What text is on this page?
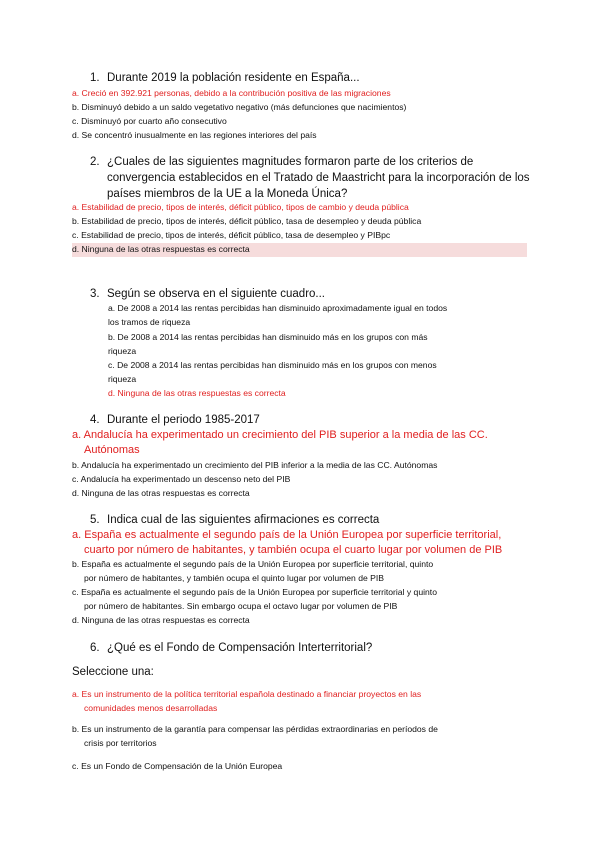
1. Durante 2019 la población residente en España...
a. Creció en 392.921 personas, debido a la contribución positiva de las migraciones
b. Disminuyó debido a un saldo vegetativo negativo (más defunciones que nacimientos)
c. Disminuyó por cuarto año consecutivo
d. Se concentró inusualmente en las regiones interiores del país
2. ¿Cuales de las siguientes magnitudes formaron parte de los criterios de
convergencia establecidos en el Tratado de Maastricht para la incorporación de los
países miembros de la UE a la Moneda Única?
a. Estabilidad de precio, tipos de interés, déficit público, tipos de cambio y deuda pública
b. Estabilidad de precio, tipos de interés, déficit público, tasa de desempleo y deuda pública
c. Estabilidad de precio, tipos de interés, déficit público, tasa de desempleo y PIBpc
d. Ninguna de las otras respuestas es correcta
3. Según se observa en el siguiente cuadro...
a. De 2008 a 2014 las rentas percibidas han disminuido aproximadamente igual en todos
los tramos de riqueza
b. De 2008 a 2014 las rentas percibidas han disminuido más en los grupos con más
riqueza
c. De 2008 a 2014 las rentas percibidas han disminuido más en los grupos con menos
riqueza
d. Ninguna de las otras respuestas es correcta
4. Durante el periodo 1985-2017
a. Andalucía ha experimentado un crecimiento del PIB superior a la media de las CC.
Autónomas
b. Andalucía ha experimentado un crecimiento del PIB inferior a la media de las CC. Autónomas
c. Andalucía ha experimentado un descenso neto del PIB
d. Ninguna de las otras respuestas es correcta
5. Indica cual de las siguientes afirmaciones es correcta
a. España es actualmente el segundo país de la Unión Europea por superficie territorial,
cuarto por número de habitantes, y también ocupa el cuarto lugar por volumen de PIB
b. España es actualmente el segundo país de la Unión Europea por superficie territorial, quinto
por número de habitantes, y también ocupa el quinto lugar por volumen de PIB
c. España es actualmente el segundo país de la Unión Europea por superficie territorial y quinto
por número de habitantes. Sin embargo ocupa el octavo lugar por volumen de PIB
d. Ninguna de las otras respuestas es correcta
6. ¿Qué es el Fondo de Compensación Interterritorial?
Seleccione una:
a. Es un instrumento de la política territorial española destinado a financiar proyectos en las
comunidades menos desarrolladas
b. Es un instrumento de la garantía para compensar las pérdidas extraordinarias en períodos de
crisis por territorios
c. Es un Fondo de Compensación de la Unión Europea
